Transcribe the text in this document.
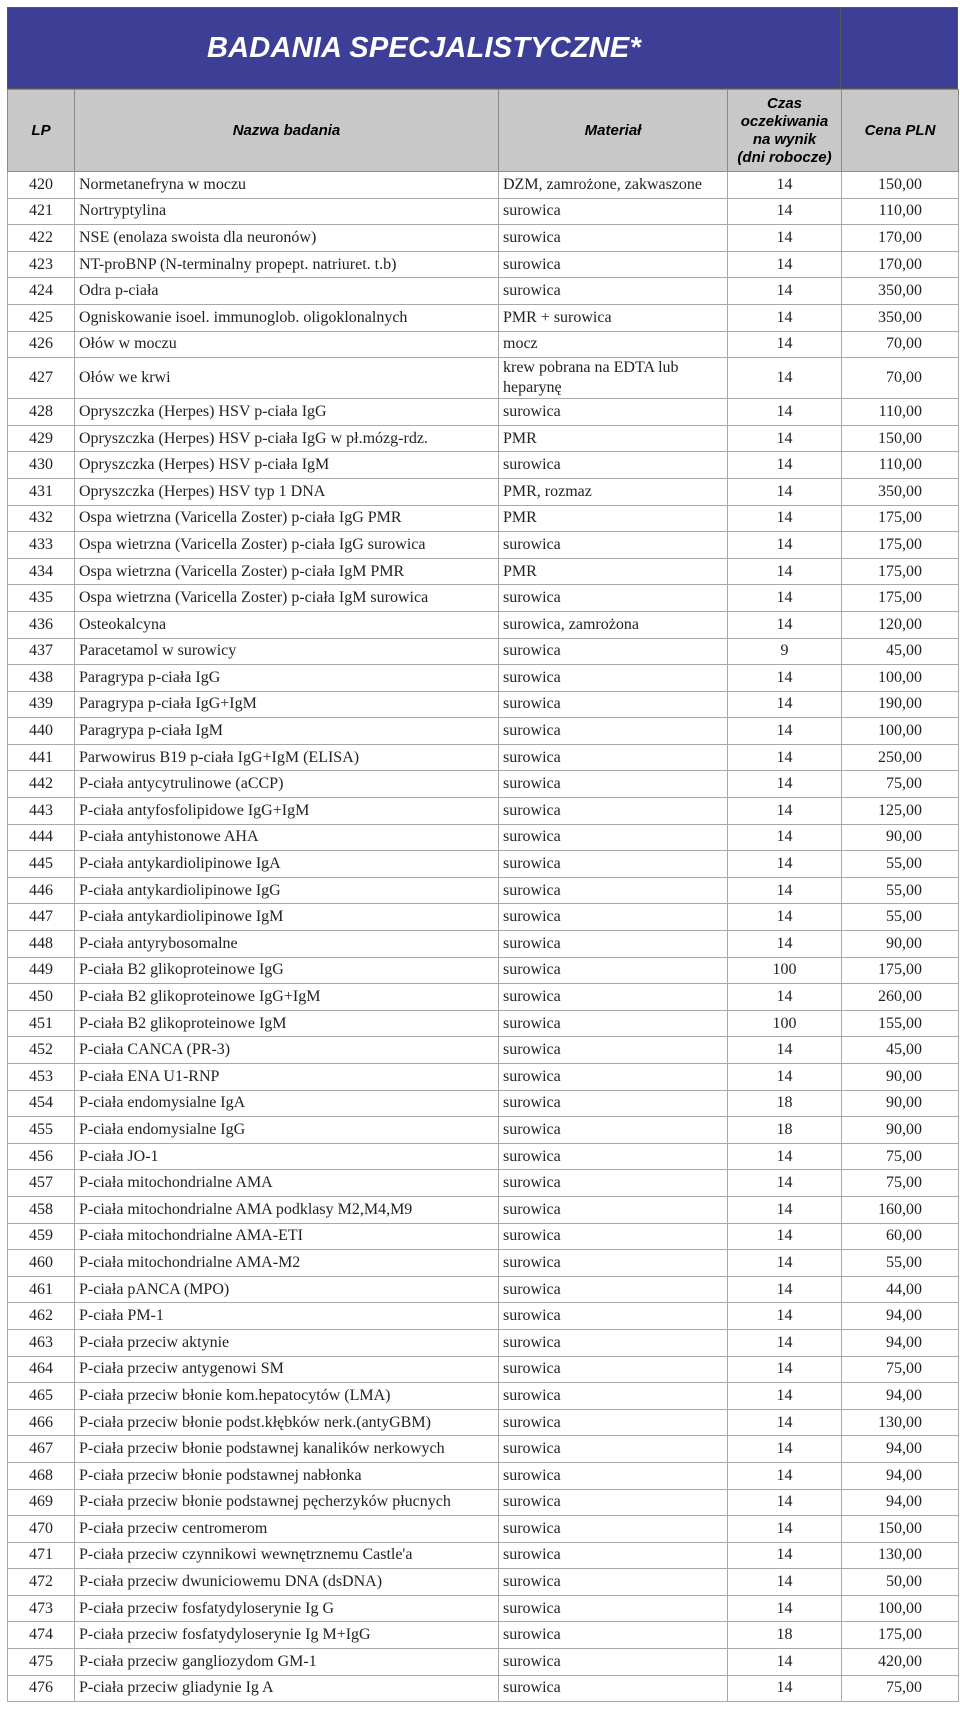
BADANIA SPECJALISTYCZNE*
LP	Nazwa badania	Materiał	Czas
oczekiwania
na wynik
(dni robocze)	Cena PLN
420	Normetanefryna w moczu	DZM, zamrożone, zakwaszone	14	150,00
421	Nortryptylina	surowica	14	110,00
422	NSE (enolaza swoista dla neuronów)	surowica	14	170,00
423	NT-proBNP (N-terminalny propept. natriuret. t.b)	surowica	14	170,00
424	Odra p-ciała	surowica	14	350,00
425	Ogniskowanie isoel. immunoglob. oligoklonalnych	PMR + surowica	14	350,00
426	Ołów w moczu	mocz	14	70,00
427	Ołów we krwi	krew pobrana na EDTA lub heparynę	14	70,00
428	Opryszczka (Herpes) HSV p-ciała IgG	surowica	14	110,00
429	Opryszczka (Herpes) HSV p-ciała IgG w pł.mózg-rdz.	PMR	14	150,00
430	Opryszczka (Herpes) HSV p-ciała IgM	surowica	14	110,00
431	Opryszczka (Herpes) HSV typ 1 DNA	PMR, rozmaz	14	350,00
432	Ospa wietrzna (Varicella Zoster) p-ciała IgG PMR	PMR	14	175,00
433	Ospa wietrzna (Varicella Zoster) p-ciała IgG surowica	surowica	14	175,00
434	Ospa wietrzna (Varicella Zoster) p-ciała IgM PMR	PMR	14	175,00
435	Ospa wietrzna (Varicella Zoster) p-ciała IgM surowica	surowica	14	175,00
436	Osteokalcyna	surowica, zamrożona	14	120,00
437	Paracetamol w surowicy	surowica	9	45,00
438	Paragrypa p-ciała IgG	surowica	14	100,00
439	Paragrypa p-ciała IgG+IgM	surowica	14	190,00
440	Paragrypa p-ciała IgM	surowica	14	100,00
441	Parwowirus B19 p-ciała IgG+IgM (ELISA)	surowica	14	250,00
442	P-ciała antycytrulinowe (aCCP)	surowica	14	75,00
443	P-ciała antyfosfolipidowe IgG+IgM	surowica	14	125,00
444	P-ciała antyhistonowe AHA	surowica	14	90,00
445	P-ciała antykardiolipinowe IgA	surowica	14	55,00
446	P-ciała antykardiolipinowe IgG	surowica	14	55,00
447	P-ciała antykardiolipinowe IgM	surowica	14	55,00
448	P-ciała antyrybosomalne	surowica	14	90,00
449	P-ciała B2 glikoproteinowe IgG	surowica	100	175,00
450	P-ciała B2 glikoproteinowe IgG+IgM	surowica	14	260,00
451	P-ciała B2 glikoproteinowe IgM	surowica	100	155,00
452	P-ciała CANCA (PR-3)	surowica	14	45,00
453	P-ciała ENA U1-RNP	surowica	14	90,00
454	P-ciała endomysialne IgA	surowica	18	90,00
455	P-ciała endomysialne IgG	surowica	18	90,00
456	P-ciała JO-1	surowica	14	75,00
457	P-ciała mitochondrialne AMA	surowica	14	75,00
458	P-ciała mitochondrialne AMA podklasy M2,M4,M9	surowica	14	160,00
459	P-ciała mitochondrialne AMA-ETI	surowica	14	60,00
460	P-ciała mitochondrialne AMA-M2	surowica	14	55,00
461	P-ciała pANCA (MPO)	surowica	14	44,00
462	P-ciała PM-1	surowica	14	94,00
463	P-ciała przeciw aktynie	surowica	14	94,00
464	P-ciała przeciw antygenowi SM	surowica	14	75,00
465	P-ciała przeciw błonie kom.hepatocytów (LMA)	surowica	14	94,00
466	P-ciała przeciw błonie podst.kłębków nerk.(antyGBM)	surowica	14	130,00
467	P-ciała przeciw błonie podstawnej kanalików nerkowych	surowica	14	94,00
468	P-ciała przeciw błonie podstawnej nabłonka	surowica	14	94,00
469	P-ciała przeciw błonie podstawnej pęcherzyków płucnych	surowica	14	94,00
470	P-ciała przeciw centromerom	surowica	14	150,00
471	P-ciała przeciw czynnikowi wewnętrznemu Castle'a	surowica	14	130,00
472	P-ciała przeciw dwuniciowemu DNA (dsDNA)	surowica	14	50,00
473	P-ciała przeciw fosfatydyloserynie Ig G	surowica	14	100,00
474	P-ciała przeciw fosfatydyloserynie Ig M+IgG	surowica	18	175,00
475	P-ciała przeciw gangliozydom GM-1	surowica	14	420,00
476	P-ciała przeciw gliadynie Ig A	surowica	14	75,00
